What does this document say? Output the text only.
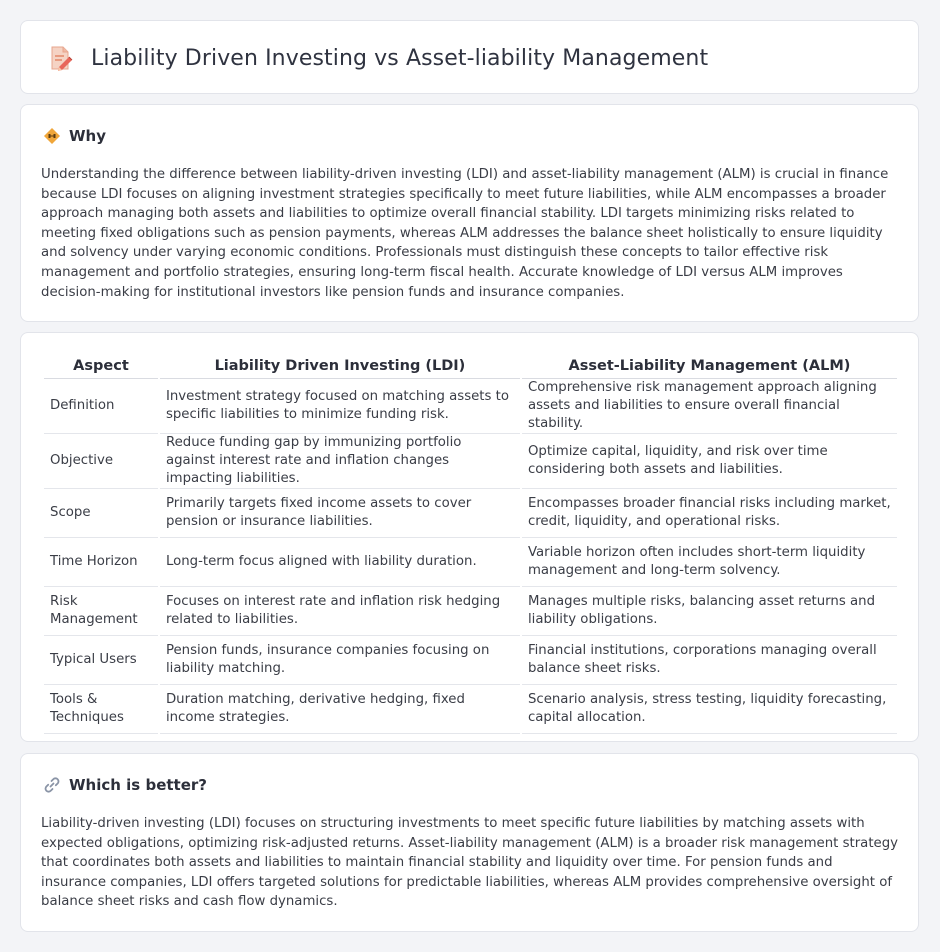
Liability Driven Investing vs Asset-liability Management
Why

Understanding the difference between liability-driven investing (LDI) and asset-liability management (ALM) is crucial in finance because LDI focuses on aligning investment strategies specifically to meet future liabilities, while ALM encompasses a broader approach managing both assets and liabilities to optimize overall financial stability. LDI targets minimizing risks related to meeting fixed obligations such as pension payments, whereas ALM addresses the balance sheet holistically to ensure liquidity and solvency under varying economic conditions. Professionals must distinguish these concepts to tailor effective risk management and portfolio strategies, ensuring long-term fiscal health. Accurate knowledge of LDI versus ALM improves decision-making for institutional investors like pension funds and insurance companies.

Aspect	Liability Driven Investing (LDI)	Asset-Liability Management (ALM)
Definition	Investment strategy focused on matching assets to specific liabilities to minimize funding risk.	Comprehensive risk management approach aligning assets and liabilities to ensure overall financial stability.
Objective	Reduce funding gap by immunizing portfolio against interest rate and inflation changes impacting liabilities.	Optimize capital, liquidity, and risk over time considering both assets and liabilities.
Scope	Primarily targets fixed income assets to cover pension or insurance liabilities.	Encompasses broader financial risks including market, credit, liquidity, and operational risks.
Time Horizon	Long-term focus aligned with liability duration.	Variable horizon often includes short-term liquidity management and long-term solvency.
Risk Management	Focuses on interest rate and inflation risk hedging related to liabilities.	Manages multiple risks, balancing asset returns and liability obligations.
Typical Users	Pension funds, insurance companies focusing on liability matching.	Financial institutions, corporations managing overall balance sheet risks.
Tools & Techniques	Duration matching, derivative hedging, fixed income strategies.	Scenario analysis, stress testing, liquidity forecasting, capital allocation.
Which is better?

Liability-driven investing (LDI) focuses on structuring investments to meet specific future liabilities by matching assets with expected obligations, optimizing risk-adjusted returns. Asset-liability management (ALM) is a broader risk management strategy that coordinates both assets and liabilities to maintain financial stability and liquidity over time. For pension funds and insurance companies, LDI offers targeted solutions for predictable liabilities, whereas ALM provides comprehensive oversight of balance sheet risks and cash flow dynamics.
